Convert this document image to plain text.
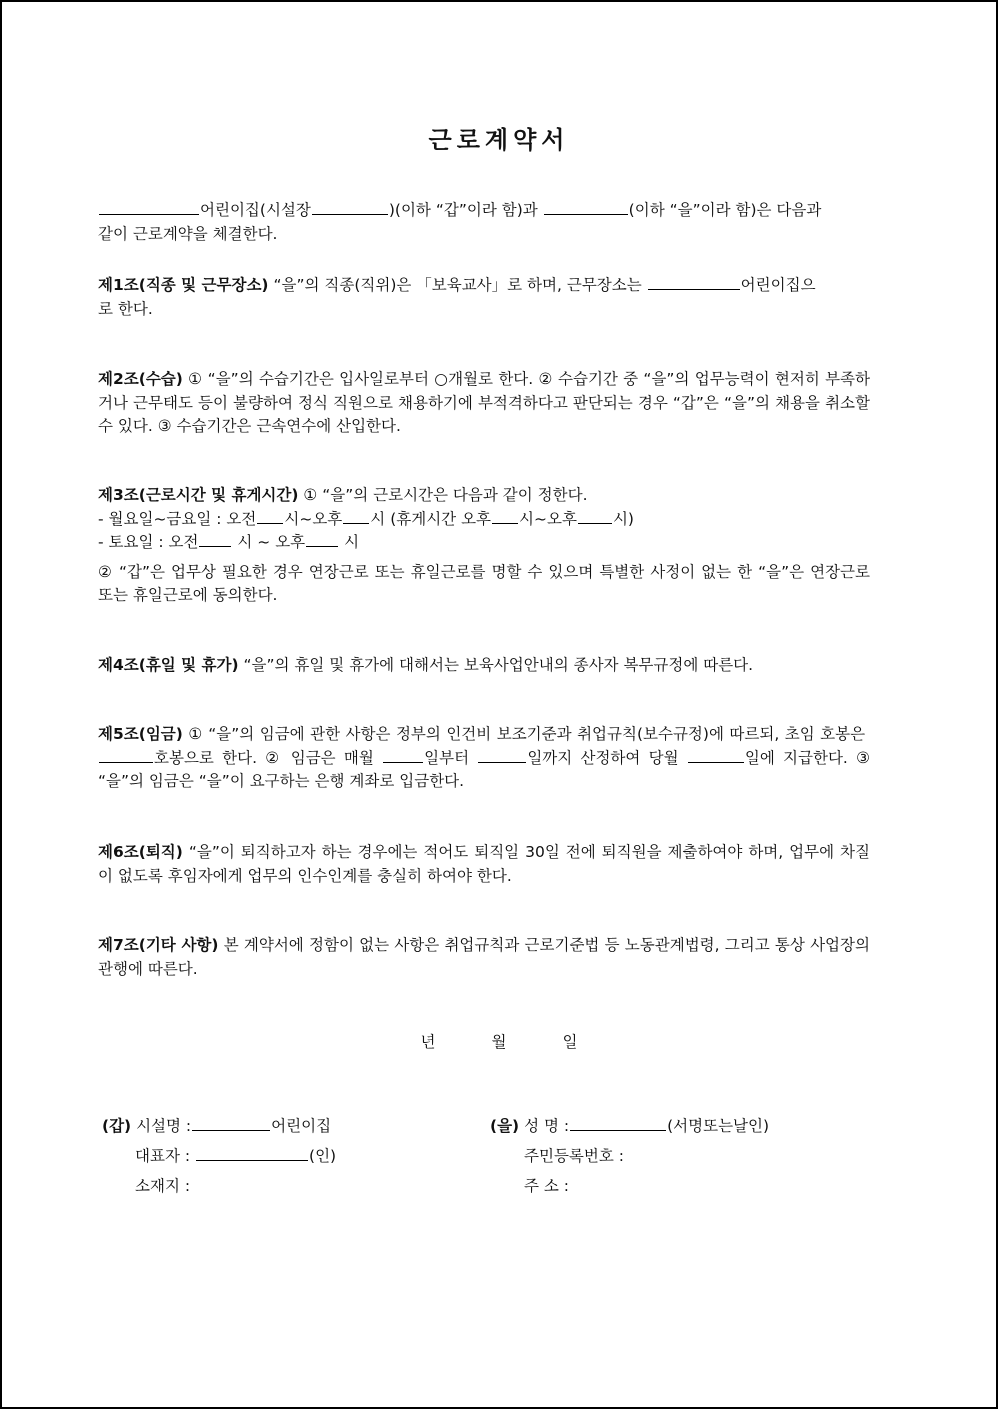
근로계약서
어린이집(시설장	)(이하 “갑”이라 함)과	(이하 “을”이라 함)은 다음과
같이 근로계약을 체결한다.
제1조(직종 및 근무장소) “을”의 직종(직위)은 「보육교사」로 하며, 근무장소는	어린이집으
로 한다.
제2조(수습) ① “을”의 수습기간은 입사일로부터 ○개월로 한다. ② 수습기간 중 “을”의 업무능력이 현저히 부족하거나 근무태도 등이 불량하여 정식 직원으로 채용하기에 부적격하다고 판단되는 경우 “갑”은 “을”의 채용을 취소할 수 있다. ③ 수습기간은 근속연수에 산입한다.
제3조(근로시간 및 휴게시간) ① “을”의 근로시간은 다음과 같이 정한다.
- 월요일~금요일 : 오전 시~오후 시 (휴게시간 오후 시~오후 시)
- 토요일 : 오전 시 ~ 오후 시
② “갑”은 업무상 필요한 경우 연장근로 또는 휴일근로를 명할 수 있으며 특별한 사정이 없는 한 “을”은 연장근로 또는 휴일근로에 동의한다.
제4조(휴일 및 휴가) “을”의 휴일 및 휴가에 대해서는 보육사업안내의 종사자 복무규정에 따른다.
제5조(임금) ① “을”의 임금에 관한 사항은 정부의 인건비 보조기준과 취업규칙(보수규정)에 따르되, 초임 호봉은 호봉으로 한다. ② 임금은 매월	일부터	일까지 산정하여 당월	일에 지급한다. ③ “을”의 임금은 “을”이 요구하는 은행 계좌로 입금한다.
제6조(퇴직) “을”이 퇴직하고자 하는 경우에는 적어도 퇴직일 30일 전에 퇴직원을 제출하여야 하며, 업무에 차질이 없도록 후임자에게 업무의 인수인계를 충실히 하여야 한다.
제7조(기타 사항) 본 계약서에 정함이 없는 사항은 취업규칙과 근로기준법 등 노동관계법령, 그리고 통상 사업장의 관행에 따른다.
년	월	일
(갑) 시설명 :	어린이집
대표자 :	(인)
소재지 :
(을) 성 명 :	(서명또는날인)
주민등록번호 :
주 소 :
